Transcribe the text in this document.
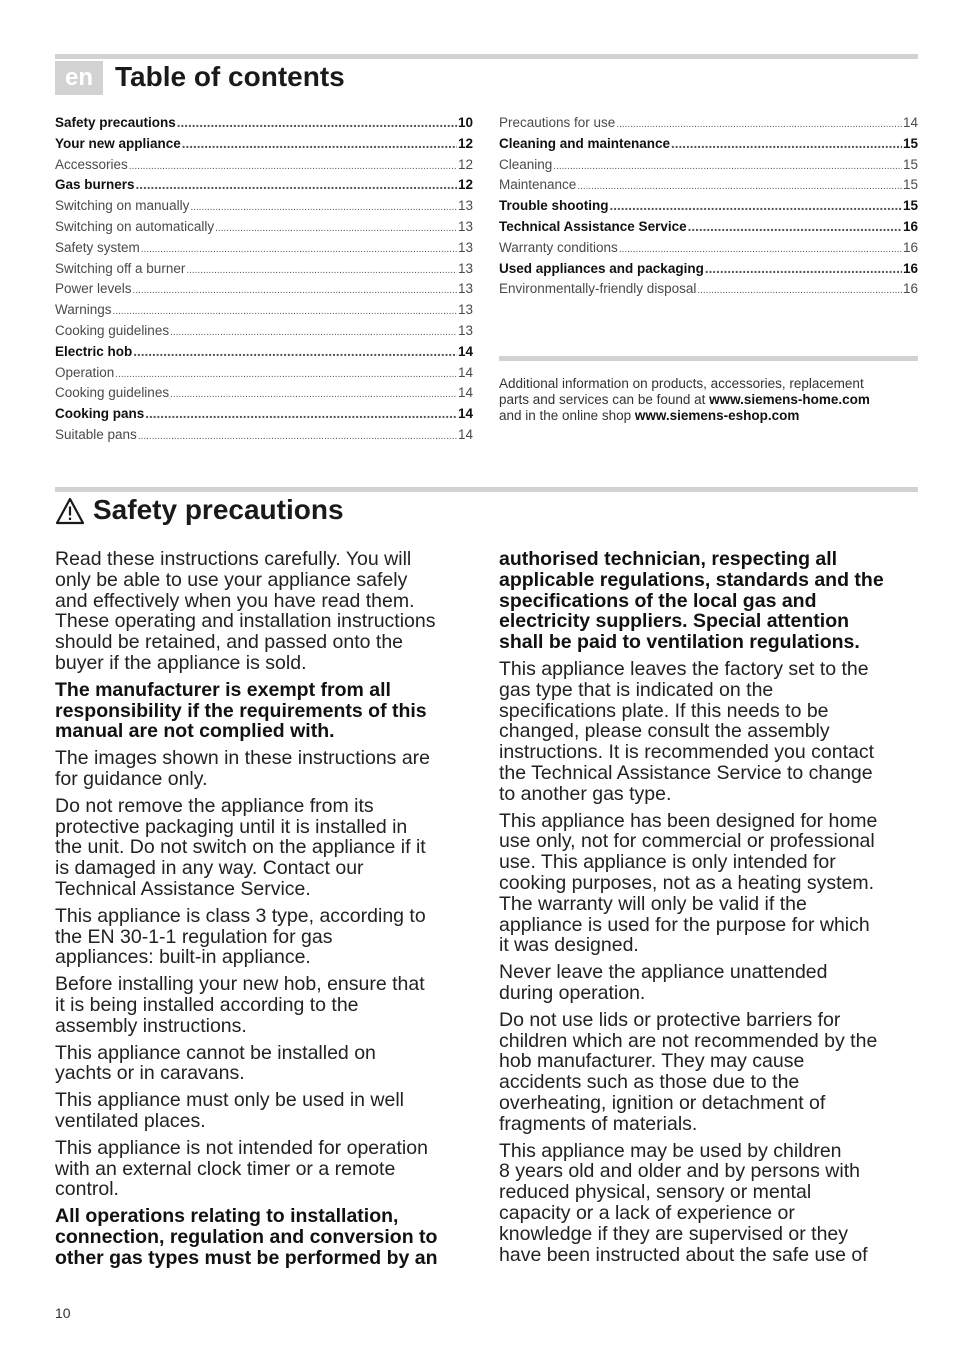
en Table of contents
Safety precautions .....	10
Your new appliance .....	12
Accessories .....	12
Gas burners .....	12
Switching on manually .....	13
Switching on automatically .....	13
Safety system .....	13
Switching off a burner .....	13
Power levels .....	13
Warnings .....	13
Cooking guidelines .....	13
Electric hob .....	14
Operation .....	14
Cooking guidelines .....	14
Cooking pans .....	14
Suitable pans .....	14
Precautions for use .....	14
Cleaning and maintenance .....	15
Cleaning .....	15
Maintenance .....	15
Trouble shooting .....	15
Technical Assistance Service .....	16
Warranty conditions .....	16
Used appliances and packaging .....	16
Environmentally-friendly disposal .....	16
Additional information on products, accessories, replacement
parts and services can be found at www.siemens-home.com
and in the online shop www.siemens-eshop.com
Safety precautions

Read these instructions carefully. You will
only be able to use your appliance safely
and effectively when you have read them.
These operating and installation instructions
should be retained, and passed onto the
buyer if the appliance is sold.

The manufacturer is exempt from all
responsibility if the requirements of this
manual are not complied with.

The images shown in these instructions are
for guidance only.

Do not remove the appliance from its
protective packaging until it is installed in
the unit. Do not switch on the appliance if it
is damaged in any way. Contact our
Technical Assistance Service.

This appliance is class 3 type, according to
the EN 30-1-1 regulation for gas
appliances: built-in appliance.

Before installing your new hob, ensure that
it is being installed according to the
assembly instructions.

This appliance cannot be installed on
yachts or in caravans.

This appliance must only be used in well
ventilated places.

This appliance is not intended for operation
with an external clock timer or a remote
control.

All operations relating to installation,
connection, regulation and conversion to
other gas types must be performed by an

authorised technician, respecting all
applicable regulations, standards and the
specifications of the local gas and
electricity suppliers. Special attention
shall be paid to ventilation regulations.

This appliance leaves the factory set to the
gas type that is indicated on the
specifications plate. If this needs to be
changed, please consult the assembly
instructions. It is recommended you contact
the Technical Assistance Service to change
to another gas type.

This appliance has been designed for home
use only, not for commercial or professional
use. This appliance is only intended for
cooking purposes, not as a heating system.
The warranty will only be valid if the
appliance is used for the purpose for which
it was designed.

Never leave the appliance unattended
during operation.

Do not use lids or protective barriers for
children which are not recommended by the
hob manufacturer. They may cause
accidents such as those due to the
overheating, ignition or detachment of
fragments of materials.

This appliance may be used by children
8 years old and older and by persons with
reduced physical, sensory or mental
capacity or a lack of experience or
knowledge if they are supervised or they
have been instructed about the safe use of

10
